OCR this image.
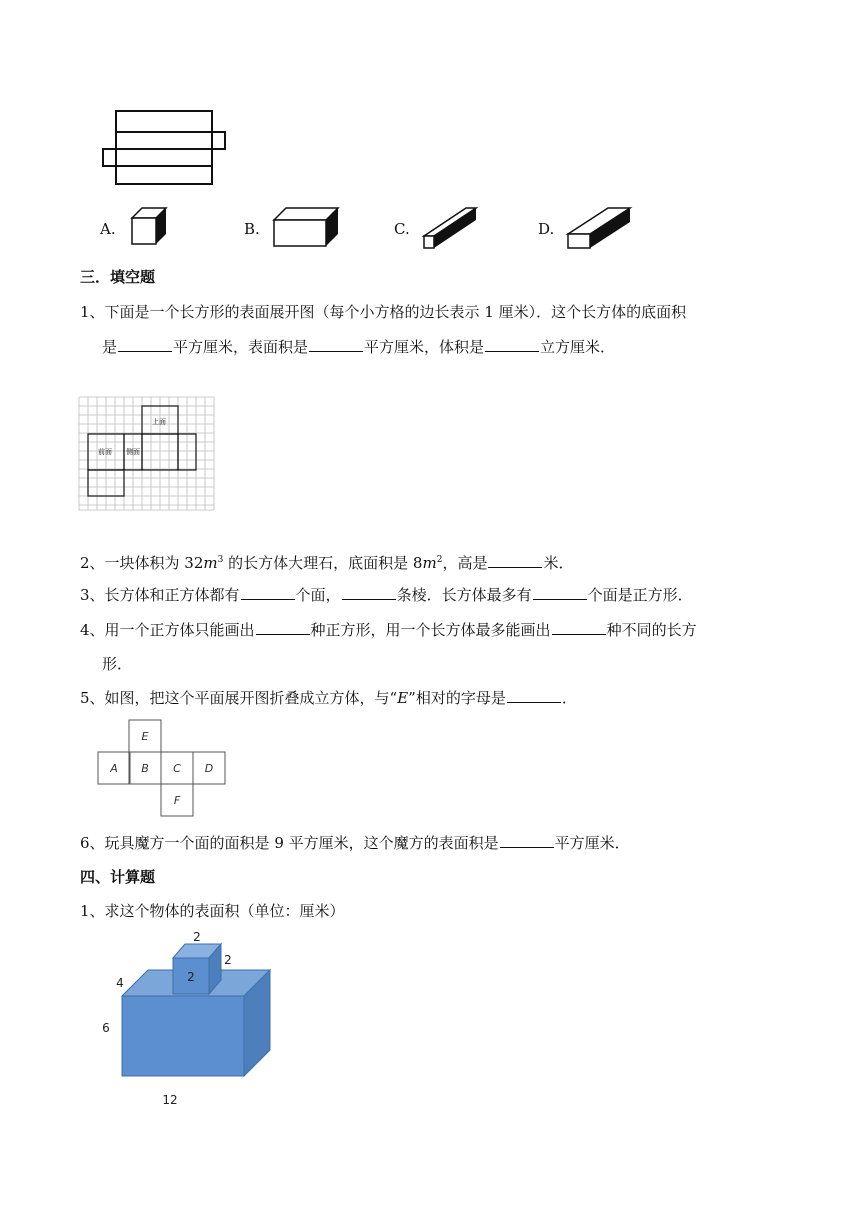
A.	B.	C.	D.
三．填空题
1、下面是一个长方形的表面展开图（每个小方格的边长表示 1 厘米）．这个长方体的底面积
是	平方厘米，表面积是	平方厘米，体积是	立方厘米．
上面
前面 侧面
2、一块体积为 $32m^3$ 的长方体大理石，底面积是 $8m^2$，高是	米．
3、长方体和正方体都有	个面，	条棱．长方体最多有	个面是正方形．
4、用一个正方体只能画出	种正方形，用一个长方体最多能画出	种不同的长方
形．
5、如图，把这个平面展开图折叠成立方体，与“E”相对的字母是	．
E
A B C D
F
6、玩具魔方一个面的面积是 9 平方厘米，这个魔方的表面积是	平方厘米．
四、计算题
1、求这个物体的表面积（单位：厘米）
2
2
2
4
6
12
